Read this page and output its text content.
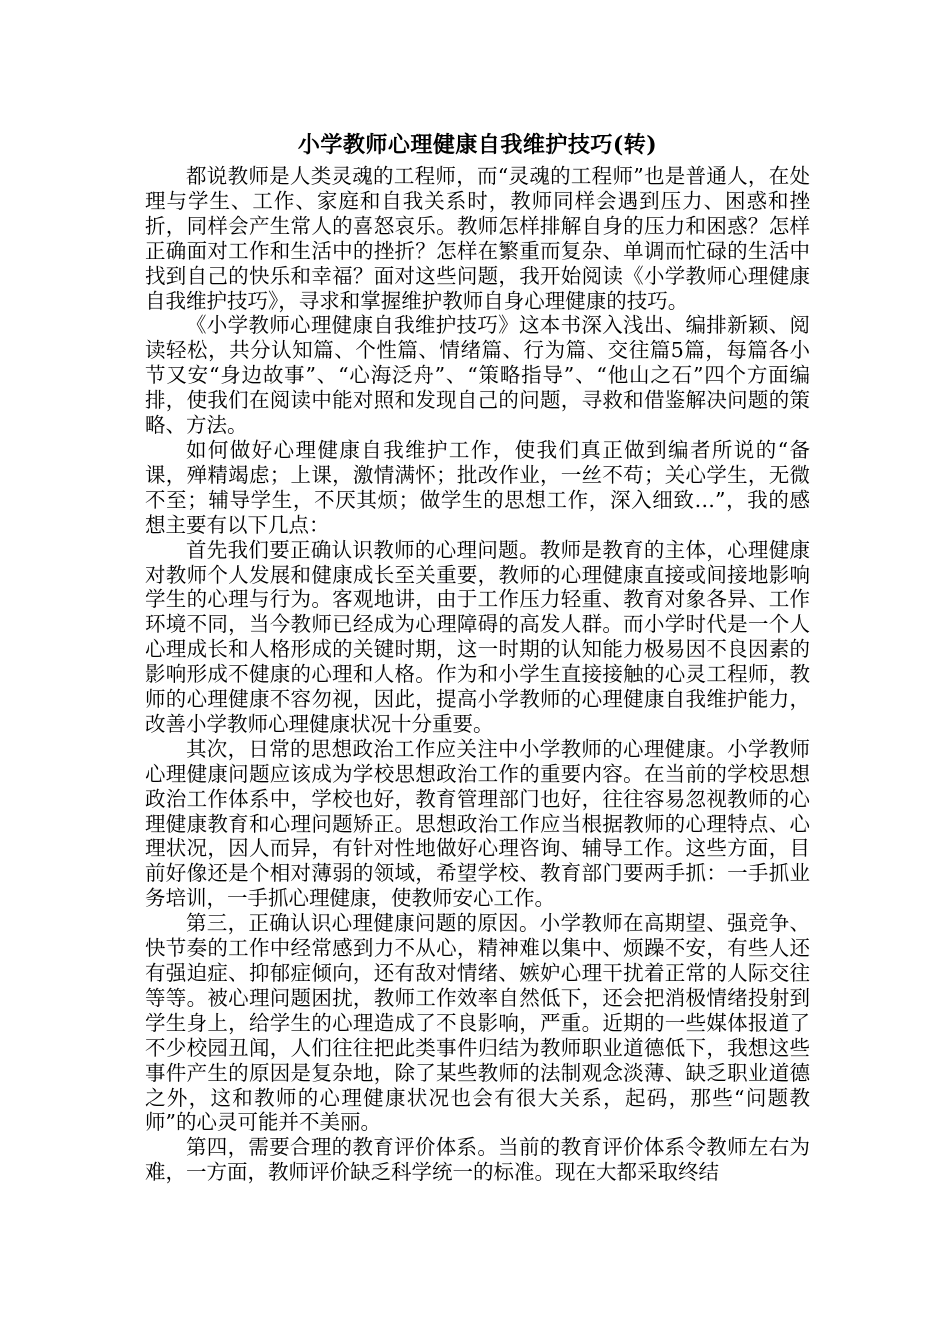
小学教师心理健康自我维护技巧(转)

都说教师是人类灵魂的工程师，而“灵魂的工程师”也是普通人，在处理与学生、工作、家庭和自我关系时，教师同样会遇到压力、困惑和挫折，同样会产生常人的喜怒哀乐。教师怎样排解自身的压力和困惑？怎样正确面对工作和生活中的挫折？怎样在繁重而复杂、单调而忙碌的生活中找到自己的快乐和幸福？面对这些问题，我开始阅读《小学教师心理健康自我维护技巧》，寻求和掌握维护教师自身心理健康的技巧。

《小学教师心理健康自我维护技巧》这本书深入浅出、编排新颖、阅读轻松，共分认知篇、个性篇、情绪篇、行为篇、交往篇5篇，每篇各小节又安“身边故事”、“心海泛舟”、“策略指导”、“他山之石”四个方面编排，使我们在阅读中能对照和发现自己的问题，寻救和借鉴解决问题的策略、方法。

如何做好心理健康自我维护工作，使我们真正做到编者所说的“备课，殚精竭虑；上课，激情满怀；批改作业，一丝不苟；关心学生，无微不至；辅导学生，不厌其烦；做学生的思想工作，深入细致…”，我的感想主要有以下几点：

首先我们要正确认识教师的心理问题。教师是教育的主体，心理健康对教师个人发展和健康成长至关重要，教师的心理健康直接或间接地影响学生的心理与行为。客观地讲，由于工作压力轻重、教育对象各异、工作环境不同，当今教师已经成为心理障碍的高发人群。而小学时代是一个人心理成长和人格形成的关键时期，这一时期的认知能力极易因不良因素的影响形成不健康的心理和人格。作为和小学生直接接触的心灵工程师，教师的心理健康不容勿视，因此，提高小学教师的心理健康自我维护能力，改善小学教师心理健康状况十分重要。

其次，日常的思想政治工作应关注中小学教师的心理健康。小学教师心理健康问题应该成为学校思想政治工作的重要内容。在当前的学校思想政治工作体系中，学校也好，教育管理部门也好，往往容易忽视教师的心理健康教育和心理问题矫正。思想政治工作应当根据教师的心理特点、心理状况，因人而异，有针对性地做好心理咨询、辅导工作。这些方面，目前好像还是个相对薄弱的领域，希望学校、教育部门要两手抓：一手抓业务培训，一手抓心理健康，使教师安心工作。

第三，正确认识心理健康问题的原因。小学教师在高期望、强竞争、快节奏的工作中经常感到力不从心，精神难以集中、烦躁不安，有些人还有强迫症、抑郁症倾向，还有敌对情绪、嫉妒心理干扰着正常的人际交往等等。被心理问题困扰，教师工作效率自然低下，还会把消极情绪投射到学生身上，给学生的心理造成了不良影响，严重。近期的一些媒体报道了不少校园丑闻，人们往往把此类事件归结为教师职业道德低下，我想这些事件产生的原因是复杂地，除了某些教师的法制观念淡薄、缺乏职业道德之外，这和教师的心理健康状况也会有很大关系，起码，那些“问题教师”的心灵可能并不美丽。

第四，需要合理的教育评价体系。当前的教育评价体系令教师左右为难，一方面，教师评价缺乏科学统一的标准。现在大都采取终结
